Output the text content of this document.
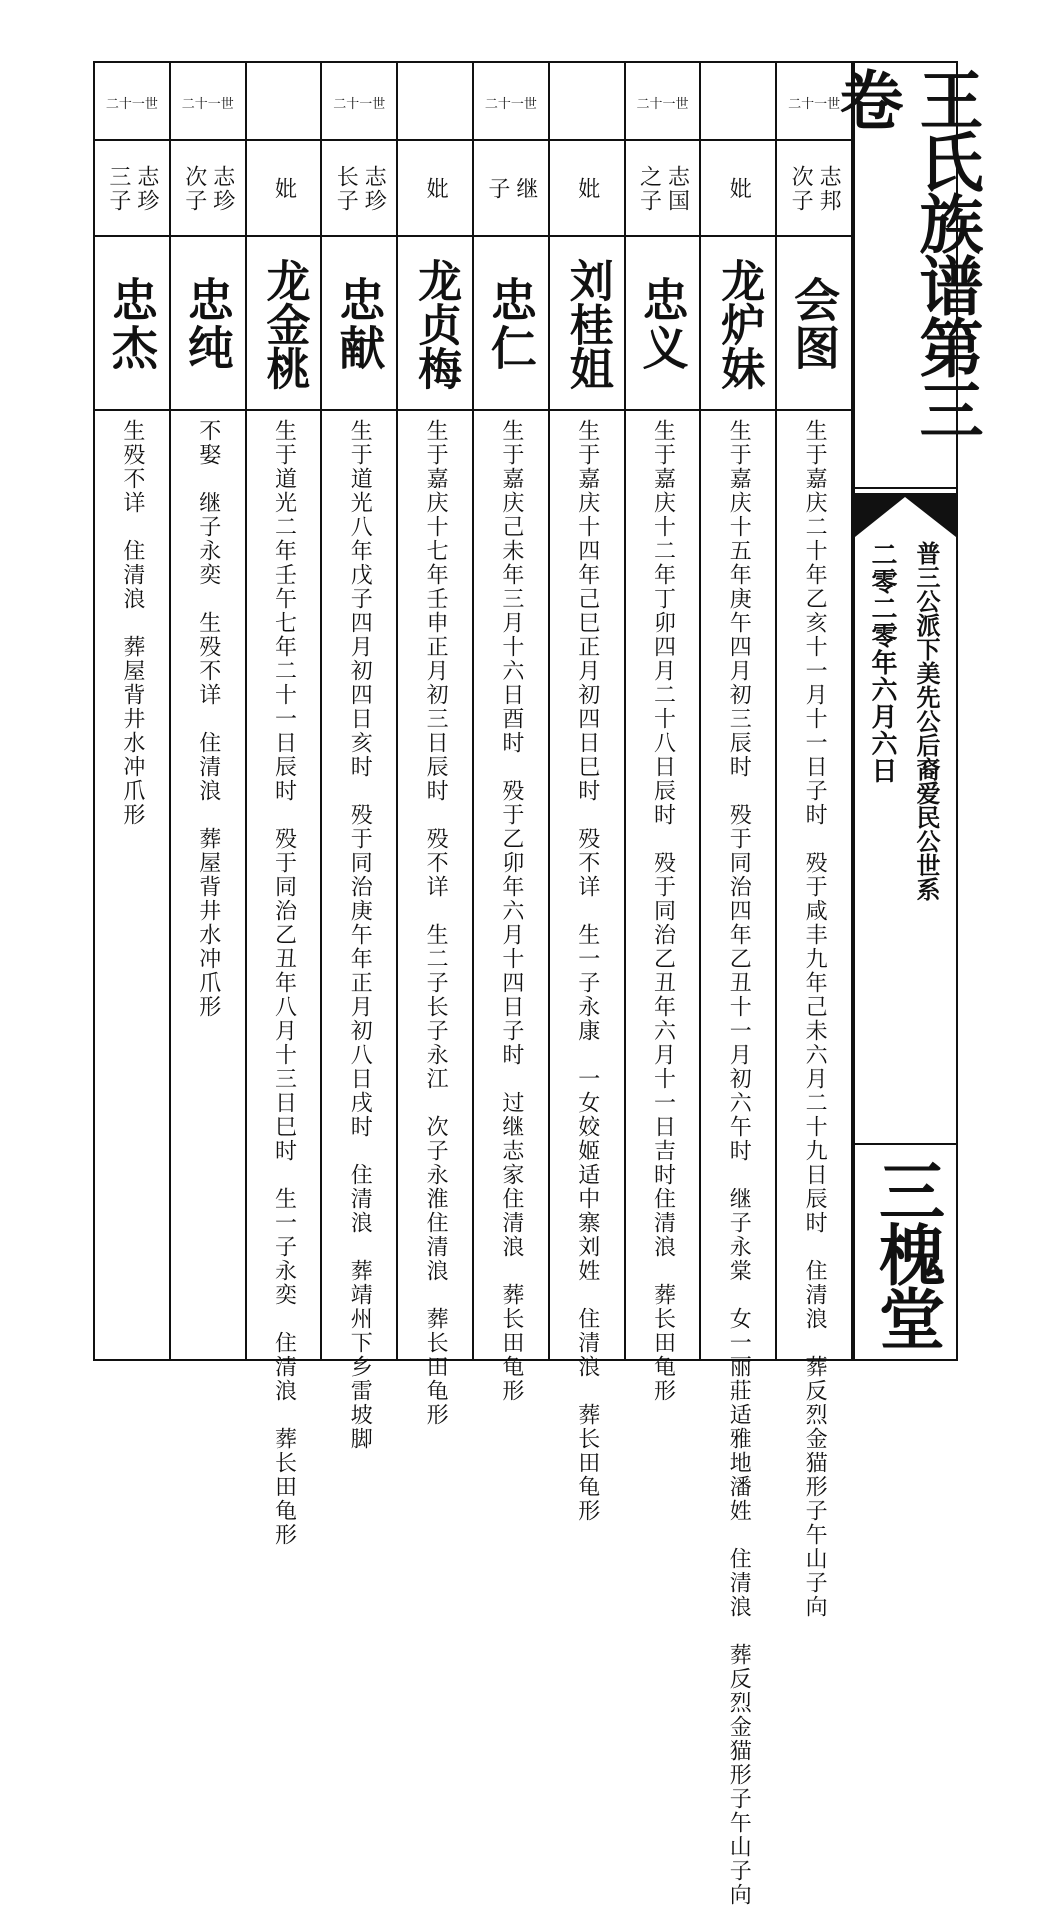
二十一世
志邦
次子
会图
生于嘉庆二十年乙亥十一月十一日子时　殁于咸丰九年己未六月二十九日辰时　住清浪　葬反烈金猫形子午山子向
妣
龙炉妹
生于嘉庆十五年庚午四月初三辰时　殁于同治四年乙丑十一月初六午时　继子永棠　女一丽莊适雅地潘姓　住清浪　葬反烈金猫形子午山子向
二十一世
志国
之子
忠义
生于嘉庆十二年丁卯四月二十八日辰时　殁于同治乙丑年六月十一日吉时住清浪　葬长田龟形
妣
刘桂姐
生于嘉庆十四年己巳正月初四日巳时　殁不详　生一子永康　一女姣姬适中寨刘姓　住清浪　葬长田龟形
二十一世
继
子
忠仁
生于嘉庆己未年三月十六日酉时　殁于乙卯年六月十四日子时　过继志家住清浪　葬长田龟形
妣
龙贞梅
生于嘉庆十七年壬申正月初三日辰时　殁不详　生二子长子永江　次子永淮住清浪　葬长田龟形
二十一世
志珍
长子
忠献
生于道光八年戊子四月初四日亥时　殁于同治庚午年正月初八日戌时　住清浪　葬靖州下乡雷坡脚
妣
龙金桃
生于道光二年壬午七年二十一日辰时　殁于同治乙丑年八月十三日巳时　生一子永奕　住清浪　葬长田龟形
二十一世
志珍
次子
忠纯
不娶　继子永奕　生殁不详　住清浪　葬屋背井水冲爪形
二十一世
志珍
三子
忠杰
生殁不详　住清浪　葬屋背井水冲爪形
王氏族谱第三卷
普三公派下美先公后裔爱民公世系
二零二零年六月六日
三槐堂
